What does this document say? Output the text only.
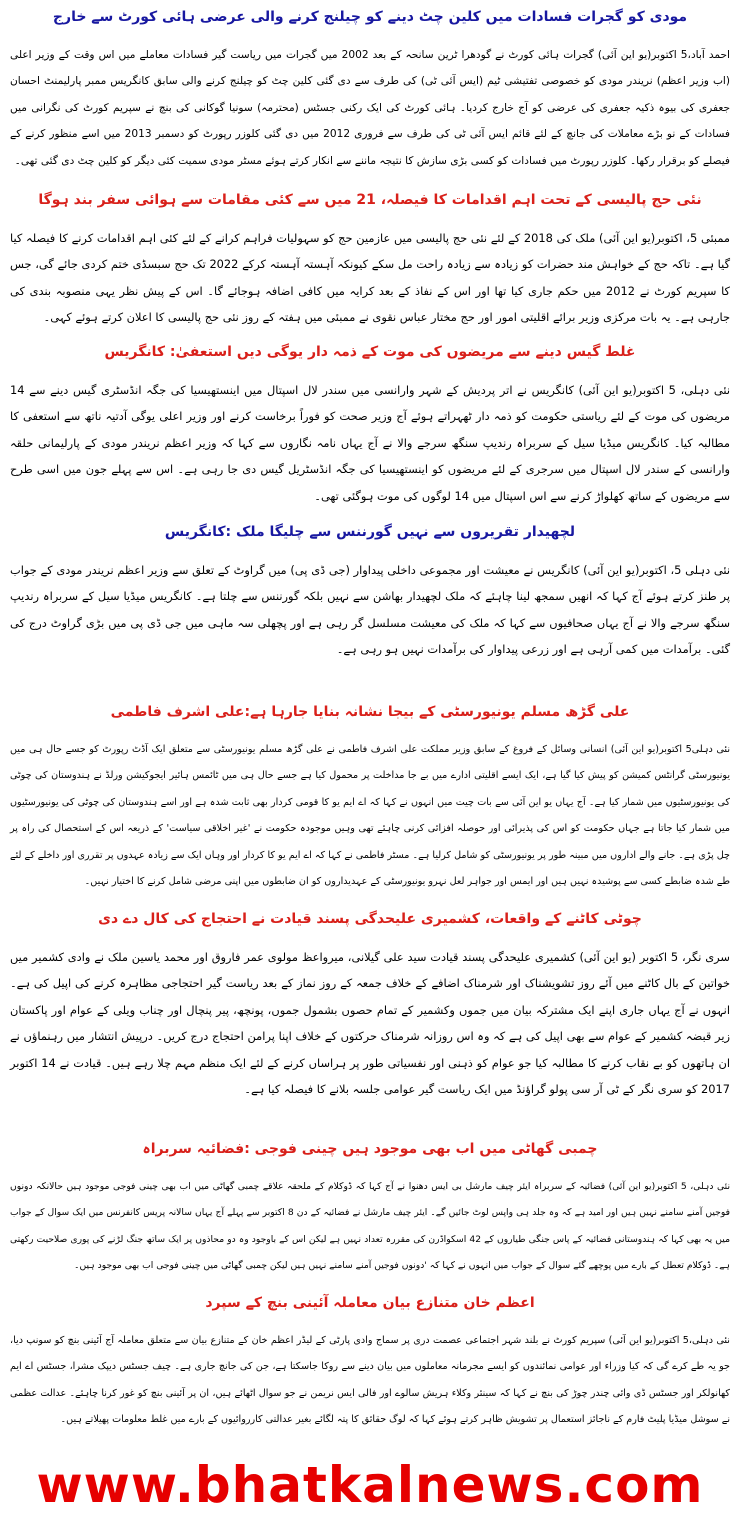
مودی کو گجرات فسادات میں کلین چٹ دینے کو چیلنج کرنے والی عرضی ہائی کورٹ سے خارج

احمد آباد،5 اکتوبر(یو این آئی) گجرات ہائی کورٹ نے گودھرا ٹرین سانحہ کے بعد 2002 میں گجرات میں ریاست گیر فسادات معاملے میں اس وقت کے وزیر اعلی (اب وزیر اعظم) نریندر مودی کو خصوصی تفتیشی ٹیم (ایس آئی ٹی) کی طرف سے دی گئی کلین چٹ کو چیلنج کرنے والی سابق کانگریس ممبر پارلیمنٹ احسان جعفری کی بیوہ ذکیہ جعفری کی عرضی کو آج خارج کردیا۔ ہائی کورٹ کی ایک رکنی جسٹس (محترمہ) سونیا گوکانی کی بنچ نے سپریم کورٹ کی نگرانی میں فسادات کے نو بڑے معاملات کی جانچ کے لئے قائم ایس آئی ٹی کی طرف سے فروری 2012 میں دی گئی کلوزر رپورٹ کو دسمبر 2013 میں اسے منظور کرنے کے فیصلے کو برقرار رکھا۔ کلوزر رپورٹ میں فسادات کو کسی بڑی سازش کا نتیجہ ماننے سے انکار کرتے ہوئے مسٹر مودی سمیت کئی دیگر کو کلین چٹ دی گئی تھی۔

نئی حج پالیسی کے تحت اہم اقدامات کا فیصلہ، 21 میں سے کئی مقامات سے ہوائی سفر بند ہوگا

ممبئی 5، اکتوبر(یو این آئی) ملک کی 2018 کے لئے نئی حج پالیسی میں عازمین حج کو سہولیات فراہم کرانے کے لئے کئی اہم اقدامات کرنے کا فیصلہ کیا گیا ہے۔ تاکہ حج کے خواہش مند حضرات کو زیادہ سے زیادہ راحت مل سکے کیونکہ آہستہ آہستہ کرکے 2022 تک حج سبسڈی ختم کردی جائے گی، جس کا سپریم کورٹ نے 2012 میں حکم جاری کیا تھا اور اس کے نفاذ کے بعد کرایہ میں کافی اضافہ ہوجائے گا۔ اس کے پیش نظر یہی منصوبہ بندی کی جارہی ہے۔ یہ بات مرکزی وزیر برائے اقلیتی امور اور حج مختار عباس نقوی نے ممبئی میں ہفتہ کے روز نئی حج پالیسی کا اعلان کرتے ہوئے کہی۔

غلط گیس دینے سے مریضوں کی موت کے ذمہ دار یوگی دیں استعفیٰ: کانگریس

نئی دہلی، 5 اکتوبر(یو این آئی) کانگریس نے اتر پردیش کے شہر وارانسی میں سندر لال اسپتال میں اینستھیسیا کی جگہ انڈسٹری گیس دینے سے 14 مریضوں کی موت کے لئے ریاستی حکومت کو ذمہ دار ٹھہراتے ہوئے آج وزیر صحت کو فوراً برخاست کرنے اور وزیر اعلی یوگی آدتیہ ناتھ سے استعفی کا مطالبہ کیا۔ کانگریس میڈیا سیل کے سربراہ رندیپ سنگھ سرجے والا نے آج یہاں نامہ نگاروں سے کہا کہ وزیر اعظم نریندر مودی کے پارلیمانی حلقہ وارانسی کے سندر لال اسپتال میں سرجری کے لئے مریضوں کو اینستھیسیا کی جگہ انڈسٹریل گیس دی جا رہی ہے۔ اس سے پہلے جون میں اسی طرح سے مریضوں کے ساتھ کھلواڑ کرنے سے اس اسپتال میں 14 لوگوں کی موت ہوگئی تھی۔

لچھیدار تقریروں سے نہیں گورننس سے چلیگا ملک :کانگریس

نئی دہلی 5، اکتوبر(یو این آئی) کانگریس نے معیشت اور مجموعی داخلی پیداوار (جی ڈی پی) میں گراوٹ کے تعلق سے وزیر اعظم نریندر مودی کے جواب پر طنز کرتے ہوئے آج کہا کہ انھیں سمجھ لینا چاہئے کہ ملک لچھیدار بھاشن سے نہیں بلکہ گورننس سے چلتا ہے۔ کانگریس میڈیا سیل کے سربراہ رندیپ سنگھ سرجے والا نے آج یہاں صحافیوں سے کہا کہ ملک کی معیشت مسلسل گر رہی ہے اور پچھلی سہ ماہی میں جی ڈی پی میں بڑی گراوٹ درج کی گئی۔ برآمدات میں کمی آرہی ہے اور زرعی پیداوار کی برآمدات نہیں ہو رہی ہے۔

علی گڑھ مسلم یونیورسٹی کے بیجا نشانہ بنایا جارہا ہے:علی اشرف فاطمی

نئی دہلی5 اکتوبر(یو این آئی) انسانی وسائل کے فروغ کے سابق وزیر مملکت علی اشرف فاطمی نے علی گڑھ مسلم یونیورسٹی سے متعلق ایک آڈٹ رپورٹ کو جسے حال ہی میں یونیورسٹی گرانٹس کمیشن کو پیش کیا گیا ہے، ایک ایسے اقلیتی ادارے میں بے جا مداخلت پر محمول کیا ہے جسے حال ہی میں ٹائمس ہائیر ایجوکیشن ورلڈ نے ہندوستان کی چوٹی کی یونیورسٹیوں میں شمار کیا ہے۔ آج یہاں یو این آئی سے بات چیت میں انہوں نے کہا کہ اے ایم یو کا قومی کردار بھی ثابت شدہ ہے اور اسے ہندوستان کی چوٹی کی یونیورسٹیوں میں شمار کیا جاتا ہے جہاں حکومت کو اس کی پذیرائی اور حوصلہ افزائی کرنی چاہئے تھی وہیں موجودہ حکومت نے 'غیر اخلاقی سیاست' کے ذریعہ اس کے استحصال کی راہ پر چل پڑی ہے۔ جانے والے اداروں میں مبینہ طور پر یونیورسٹی کو شامل کرلیا ہے۔ مسٹر فاطمی نے کہا کہ اے ایم یو کا کردار اور وہاں ایک سے زیادہ عہدوں پر تقرری اور داخلے کے لئے طے شدہ ضابطے کسی سے پوشیدہ نہیں ہیں اور ایمس اور جواہر لعل نہرو یونیورسٹی کے عہدیداروں کو ان ضابطوں میں اپنی مرضی شامل کرنے کا اختیار نہیں۔

چوٹی کاٹنے کے واقعات، کشمیری علیحدگی پسند قیادت نے احتجاج کی کال دے دی

سری نگر، 5 اکتوبر (یو این آئی) کشمیری علیحدگی پسند قیادت سید علی گیلانی، میرواعظ مولوی عمر فاروق اور محمد یاسین ملک نے وادی کشمیر میں خواتین کے بال کاٹنے میں آئے روز تشویشناک اور شرمناک اضافے کے خلاف جمعہ کے روز نماز کے بعد ریاست گیر احتجاجی مظاہرہ کرنے کی اپیل کی ہے۔ انہوں نے آج یہاں جاری اپنے ایک مشترکہ بیان میں جموں وکشمیر کے تمام حصوں بشمول جموں، پونچھ، پیر پنچال اور چناب ویلی کے عوام اور پاکستان زیر قبضہ کشمیر کے عوام سے بھی اپیل کی ہے کہ وہ اس روزانہ شرمناک حرکتوں کے خلاف اپنا پرامن احتجاج درج کریں۔ درپیش انتشار میں رہنماؤں نے ان ہاتھوں کو بے نقاب کرنے کا مطالبہ کیا جو عوام کو ذہنی اور نفسیاتی طور پر ہراساں کرنے کے لئے ایک منظم مہم چلا رہے ہیں۔ قیادت نے 14 اکتوبر 2017 کو سری نگر کے ٹی آر سی پولو گراؤنڈ میں ایک ریاست گیر عوامی جلسہ بلانے کا فیصلہ کیا ہے۔

چمبی گھاٹی میں اب بھی موجود ہیں چینی فوجی :فضائیہ سربراہ

نئی دہلی، 5 اکتوبر(یو این آئی) فضائیہ کے سربراہ ایئر چیف مارشل بی ایس دھنوا نے آج کہا کہ ڈوکلام کے ملحقہ علاقے چمبی گھاٹی میں اب بھی چینی فوجی موجود ہیں حالانکہ دونوں فوجیں آمنے سامنے نہیں ہیں اور امید ہے کہ وہ جلد ہی واپس لوٹ جائیں گے۔ ایئر چیف مارشل نے فضائیہ کے دن 8 اکتوبر سے پہلے آج یہاں سالانہ پریس کانفرنس میں ایک سوال کے جواب میں یہ بھی کہا کہ ہندوستانی فضائیہ کے پاس جنگی طیاروں کے 42 اسکواڈرن کی مقررہ تعداد نہیں ہے لیکن اس کے باوجود وہ دو محاذوں پر ایک ساتھ جنگ لڑنے کی پوری صلاحیت رکھتی ہے۔ ڈوکلام تعطل کے بارے میں پوچھے گئے سوال کے جواب میں انہوں نے کہا کہ 'دونوں فوجیں آمنے سامنے نہیں ہیں لیکن چمبی گھاٹی میں چینی فوجی اب بھی موجود ہیں۔

اعظم خان متنازع بیان معاملہ آئینی بنچ کے سپرد

نئی دہلی،5 اکتوبر(یو این آئی) سپریم کورٹ نے بلند شہر اجتماعی عصمت دری پر سماج وادی پارٹی کے لیڈر اعظم خان کے متنازع بیان سے متعلق معاملہ آج آئینی بنچ کو سونپ دیا، جو یہ طے کرے گی کہ کیا وزراء اور عوامی نمائندوں کو ایسے مجرمانہ معاملوں میں بیان دینے سے روکا جاسکتا ہے، جن کی جانچ جاری ہے۔ چیف جسٹس دیپک مشرا، جسٹس اے ایم کھانولکر اور جسٹس ڈی وائی چندر چوڑ کی بنچ نے کہا کہ سینئر وکلاء ہریش سالوے اور فالی ایس نریمن نے جو سوال اٹھائے ہیں، ان پر آئینی بنچ کو غور کرنا چاہئے۔ عدالت عظمی نے سوشل میڈیا پلیٹ فارم کے ناجائز استعمال پر تشویش ظاہر کرتے ہوئے کہا کہ لوگ حقائق کا پتہ لگائے بغیر عدالتی کارروائیوں کے بارے میں غلط معلومات پھیلاتے ہیں۔

www.bhatkalnews.com
